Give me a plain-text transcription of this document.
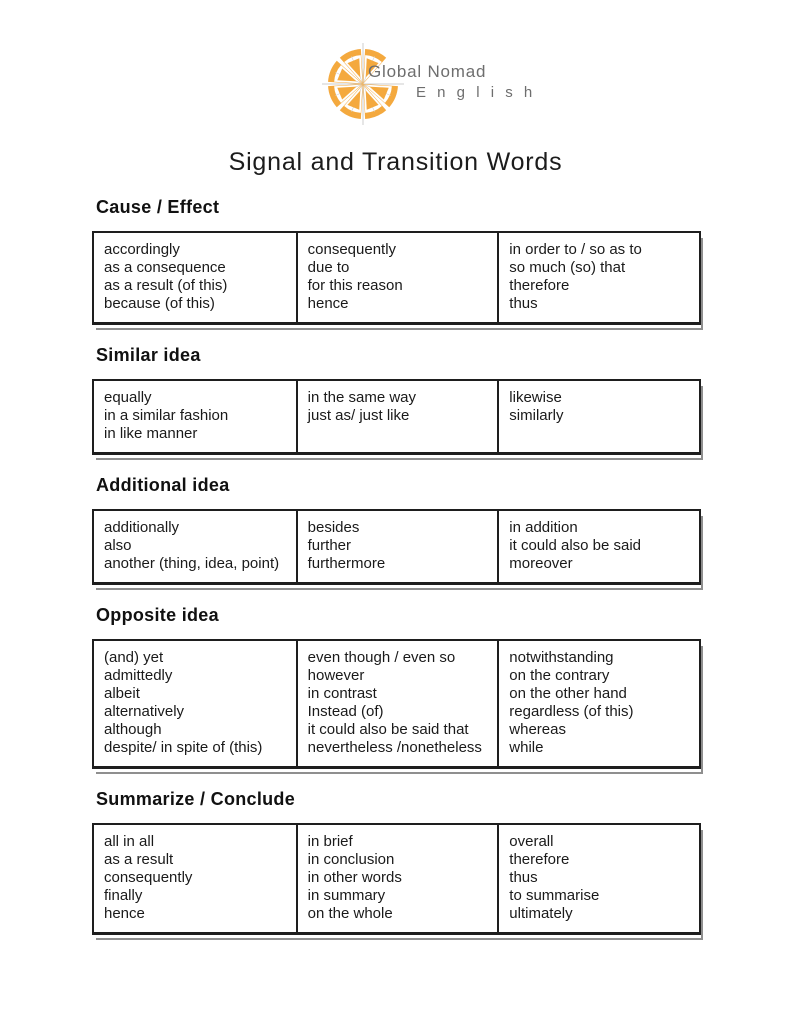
Global Nomad
E n g l i s h
Signal and Transition Words
Cause / Effect
accordingly
as a consequence
as a result (of this)
because (of this)
consequently
due to
for this reason
hence
in order to / so as to
so much (so) that
therefore
thus
Similar idea
equally
in a similar fashion
in like manner
in the same way
just as/ just like
likewise
similarly
Additional idea
additionally
also
another (thing, idea, point)
besides
further
furthermore
in addition
it could also be said
moreover
Opposite idea
(and) yet
admittedly
albeit
alternatively
although
despite/ in spite of (this)
even though / even so
however
in contrast
Instead (of)
it could also be said that
nevertheless /nonetheless
notwithstanding
on the contrary
on the other hand
regardless (of this)
whereas
while
Summarize / Conclude
all in all
as a result
consequently
finally
hence
in brief
in conclusion
in other words
in summary
on the whole
overall
therefore
thus
to summarise
ultimately
